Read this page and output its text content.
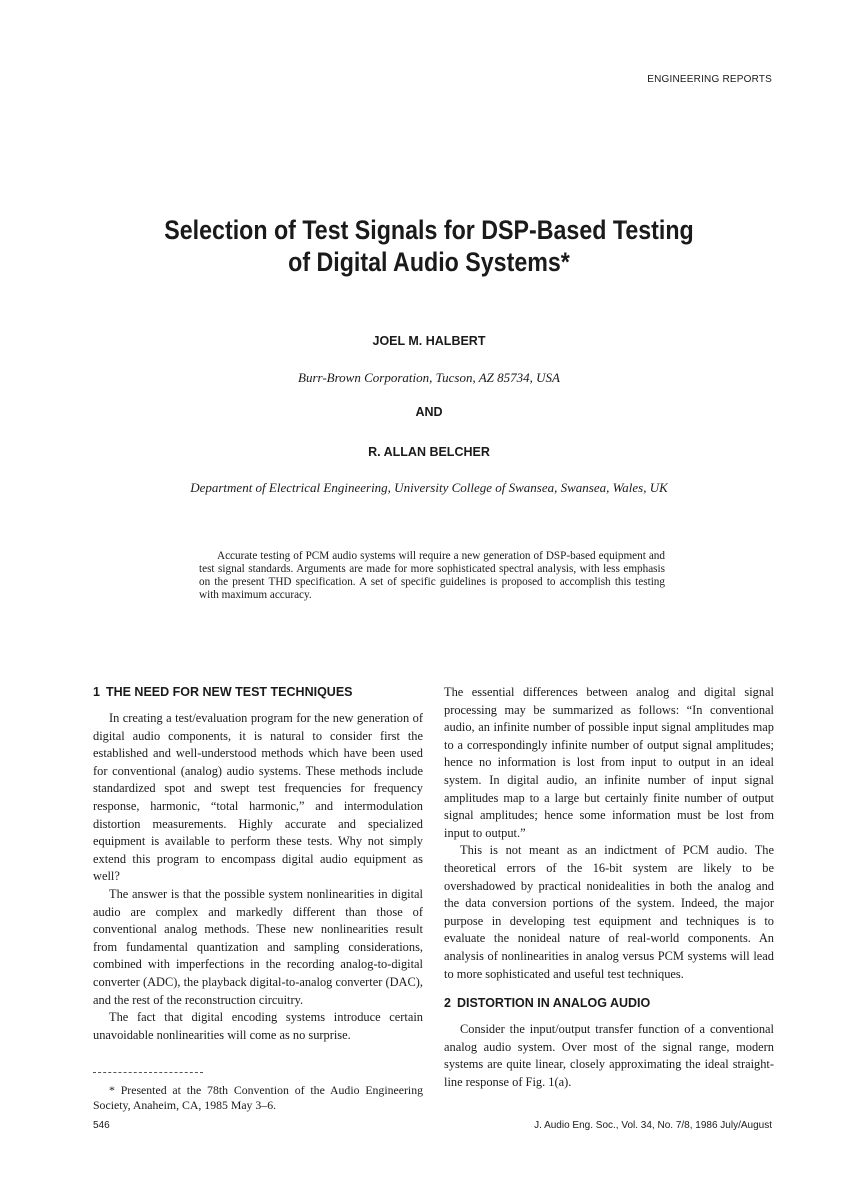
ENGINEERING REPORTS
Selection of Test Signals for DSP-Based Testing
of Digital Audio Systems*
JOEL M. HALBERT
Burr-Brown Corporation, Tucson, AZ 85734, USA
AND
R. ALLAN BELCHER
Department of Electrical Engineering, University College of Swansea, Swansea, Wales, UK
Accurate testing of PCM audio systems will require a new generation of DSP-based equipment and test signal standards. Arguments are made for more sophisticated spectral analysis, with less emphasis on the present THD specification. A set of specific guidelines is proposed to accomplish this testing with maximum accuracy.
1 THE NEED FOR NEW TEST TECHNIQUES

In creating a test/evaluation program for the new generation of digital audio components, it is natural to consider first the established and well-understood methods which have been used for conventional (analog) audio systems. These methods include standardized spot and swept test frequencies for frequency response, harmonic, “total harmonic,” and intermodulation distortion measurements. Highly accurate and specialized equipment is available to perform these tests. Why not simply extend this program to encompass digital audio equipment as well?

The answer is that the possible system nonlinearities in digital audio are complex and markedly different than those of conventional analog methods. These new nonlinearities result from fundamental quantization and sampling considerations, combined with imperfections in the recording analog-to-digital converter (ADC), the playback digital-to-analog converter (DAC), and the rest of the reconstruction circuitry.

The fact that digital encoding systems introduce certain unavoidable nonlinearities will come as no surprise.

The essential differences between analog and digital signal processing may be summarized as follows: “In conventional audio, an infinite number of possible input signal amplitudes map to a correspondingly infinite number of output signal amplitudes; hence no information is lost from input to output in an ideal system. In digital audio, an infinite number of input signal amplitudes map to a large but certainly finite number of output signal amplitudes; hence some information must be lost from input to output.”

This is not meant as an indictment of PCM audio. The theoretical errors of the 16-bit system are likely to be overshadowed by practical nonidealities in both the analog and the data conversion portions of the system. Indeed, the major purpose in developing test equipment and techniques is to evaluate the nonideal nature of real-world components. An analysis of nonlinearities in analog versus PCM systems will lead to more sophisticated and useful test techniques.

2 DISTORTION IN ANALOG AUDIO

Consider the input/output transfer function of a conventional analog audio system. Over most of the signal range, modern systems are quite linear, closely approximating the ideal straight-line response of Fig. 1(a).

* Presented at the 78th Convention of the Audio Engineering Society, Anaheim, CA, 1985 May 3–6.
546	J. Audio Eng. Soc., Vol. 34, No. 7/8, 1986 July/August
